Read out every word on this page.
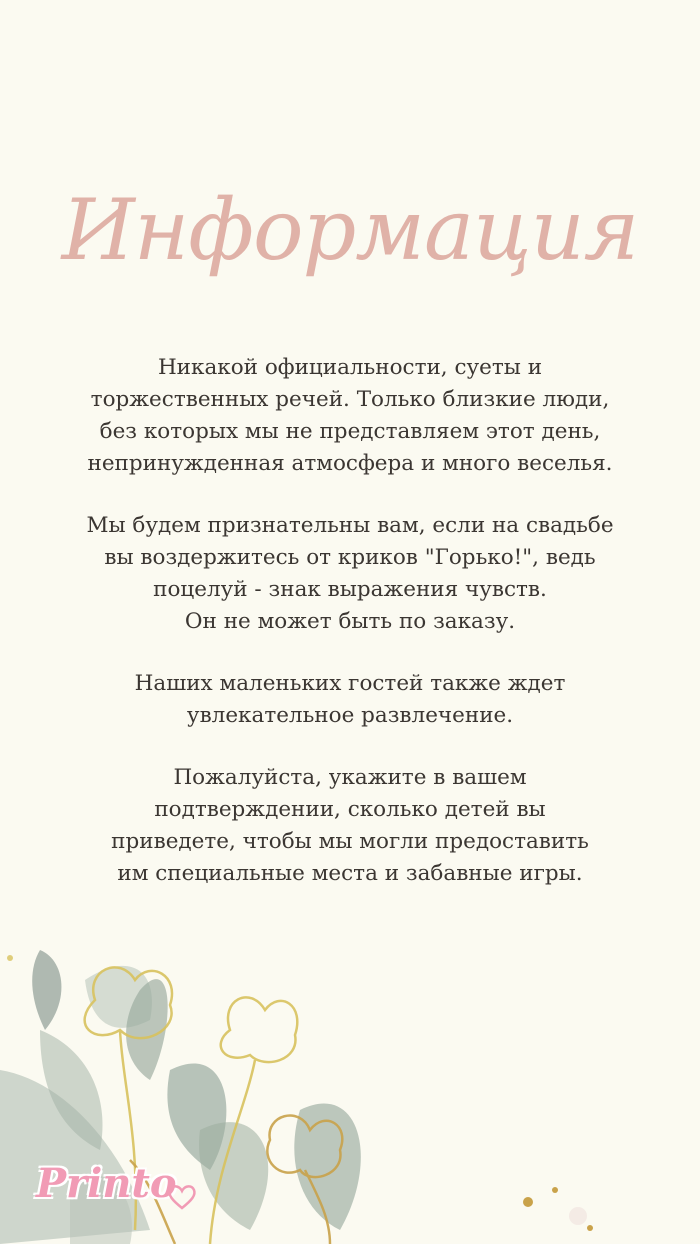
Информация

Никакой официальности, суеты и
торжественных речей. Только близкие люди,
без которых мы не представляем этот день,
непринужденная атмосфера и много веселья.

Мы будем признательны вам, если на свадьбе
вы воздержитесь от криков "Горько!", ведь
поцелуй - знак выражения чувств.
Он не может быть по заказу.

Наших маленьких гостей также ждет
увлекательное развлечение.

Пожалуйста, укажите в вашем
подтверждении, сколько детей вы
приведете, чтобы мы могли предоставить
им специальные места и забавные игры.

Printo
